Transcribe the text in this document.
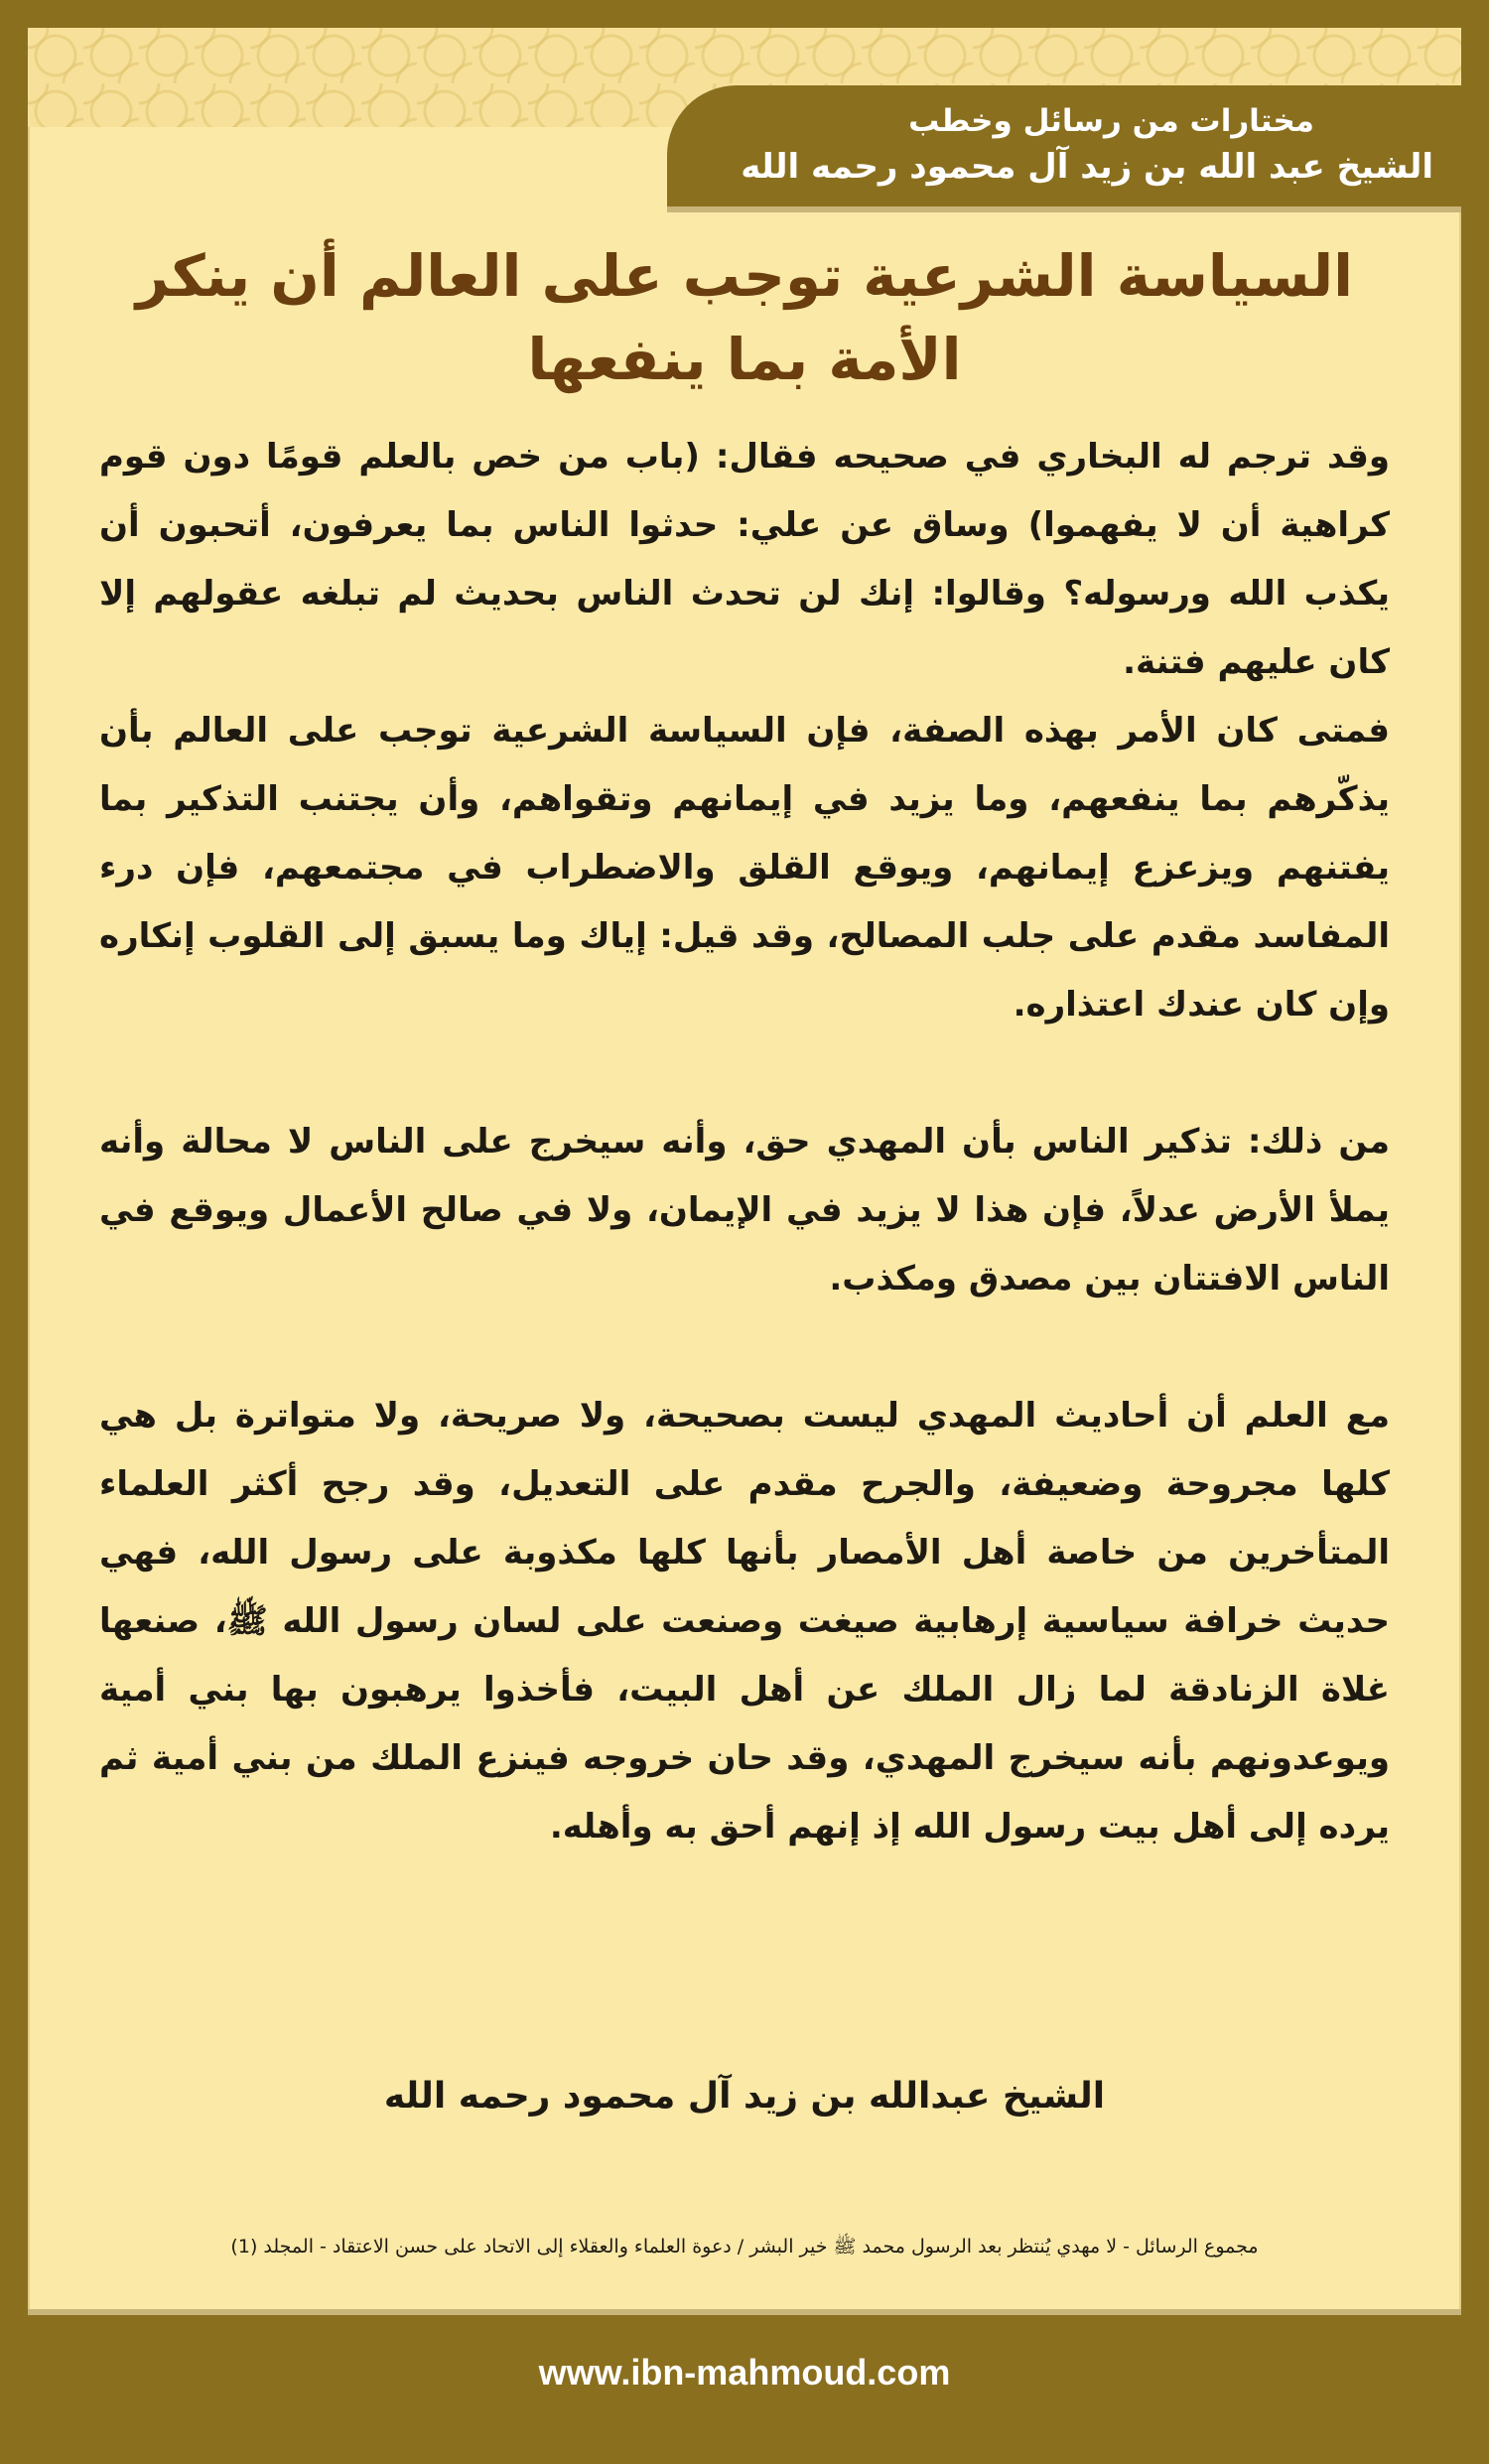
مختارات من رسائل وخطب
الشيخ عبد الله بن زيد آل محمود رحمه الله
السياسة الشرعية توجب على العالم أن ينكر الأمة بما ينفعها

وقد ترجم له البخاري في صحيحه فقال: (باب من خص بالعلم قومًا دون قوم كراهية أن لا يفهموا) وساق عن علي: حدثوا الناس بما يعرفون، أتحبون أن يكذب الله ورسوله؟ وقالوا: إنك لن تحدث الناس بحديث لم تبلغه عقولهم إلا كان عليهم فتنة.

فمتى كان الأمر بهذه الصفة، فإن السياسة الشرعية توجب على العالم بأن يذكّرهم بما ينفعهم، وما يزيد في إيمانهم وتقواهم، وأن يجتنب التذكير بما يفتنهم ويزعزع إيمانهم، ويوقع القلق والاضطراب في مجتمعهم، فإن درء المفاسد مقدم على جلب المصالح، وقد قيل: إياك وما يسبق إلى القلوب إنكاره وإن كان عندك اعتذاره.

من ذلك: تذكير الناس بأن المهدي حق، وأنه سيخرج على الناس لا محالة وأنه يملأ الأرض عدلاً، فإن هذا لا يزيد في الإيمان، ولا في صالح الأعمال ويوقع في الناس الافتتان بين مصدق ومكذب.

مع العلم أن أحاديث المهدي ليست بصحيحة، ولا صريحة، ولا متواترة بل هي كلها مجروحة وضعيفة، والجرح مقدم على التعديل، وقد رجح أكثر العلماء المتأخرين من خاصة أهل الأمصار بأنها كلها مكذوبة على رسول الله، فهي حديث خرافة سياسية إرهابية صيغت وصنعت على لسان رسول الله ﷺ، صنعها غلاة الزنادقة لما زال الملك عن أهل البيت، فأخذوا يرهبون بها بني أمية ويوعدونهم بأنه سيخرج المهدي، وقد حان خروجه فينزع الملك من بني أمية ثم يرده إلى أهل بيت رسول الله إذ إنهم أحق به وأهله.

الشيخ عبدالله بن زيد آل محمود رحمه الله
مجموع الرسائل - لا مهدي يُنتظر بعد الرسول محمد ﷺ خير البشر / دعوة العلماء والعقلاء إلى الاتحاد على حسن الاعتقاد - المجلد (1)
www.ibn-mahmoud.com
